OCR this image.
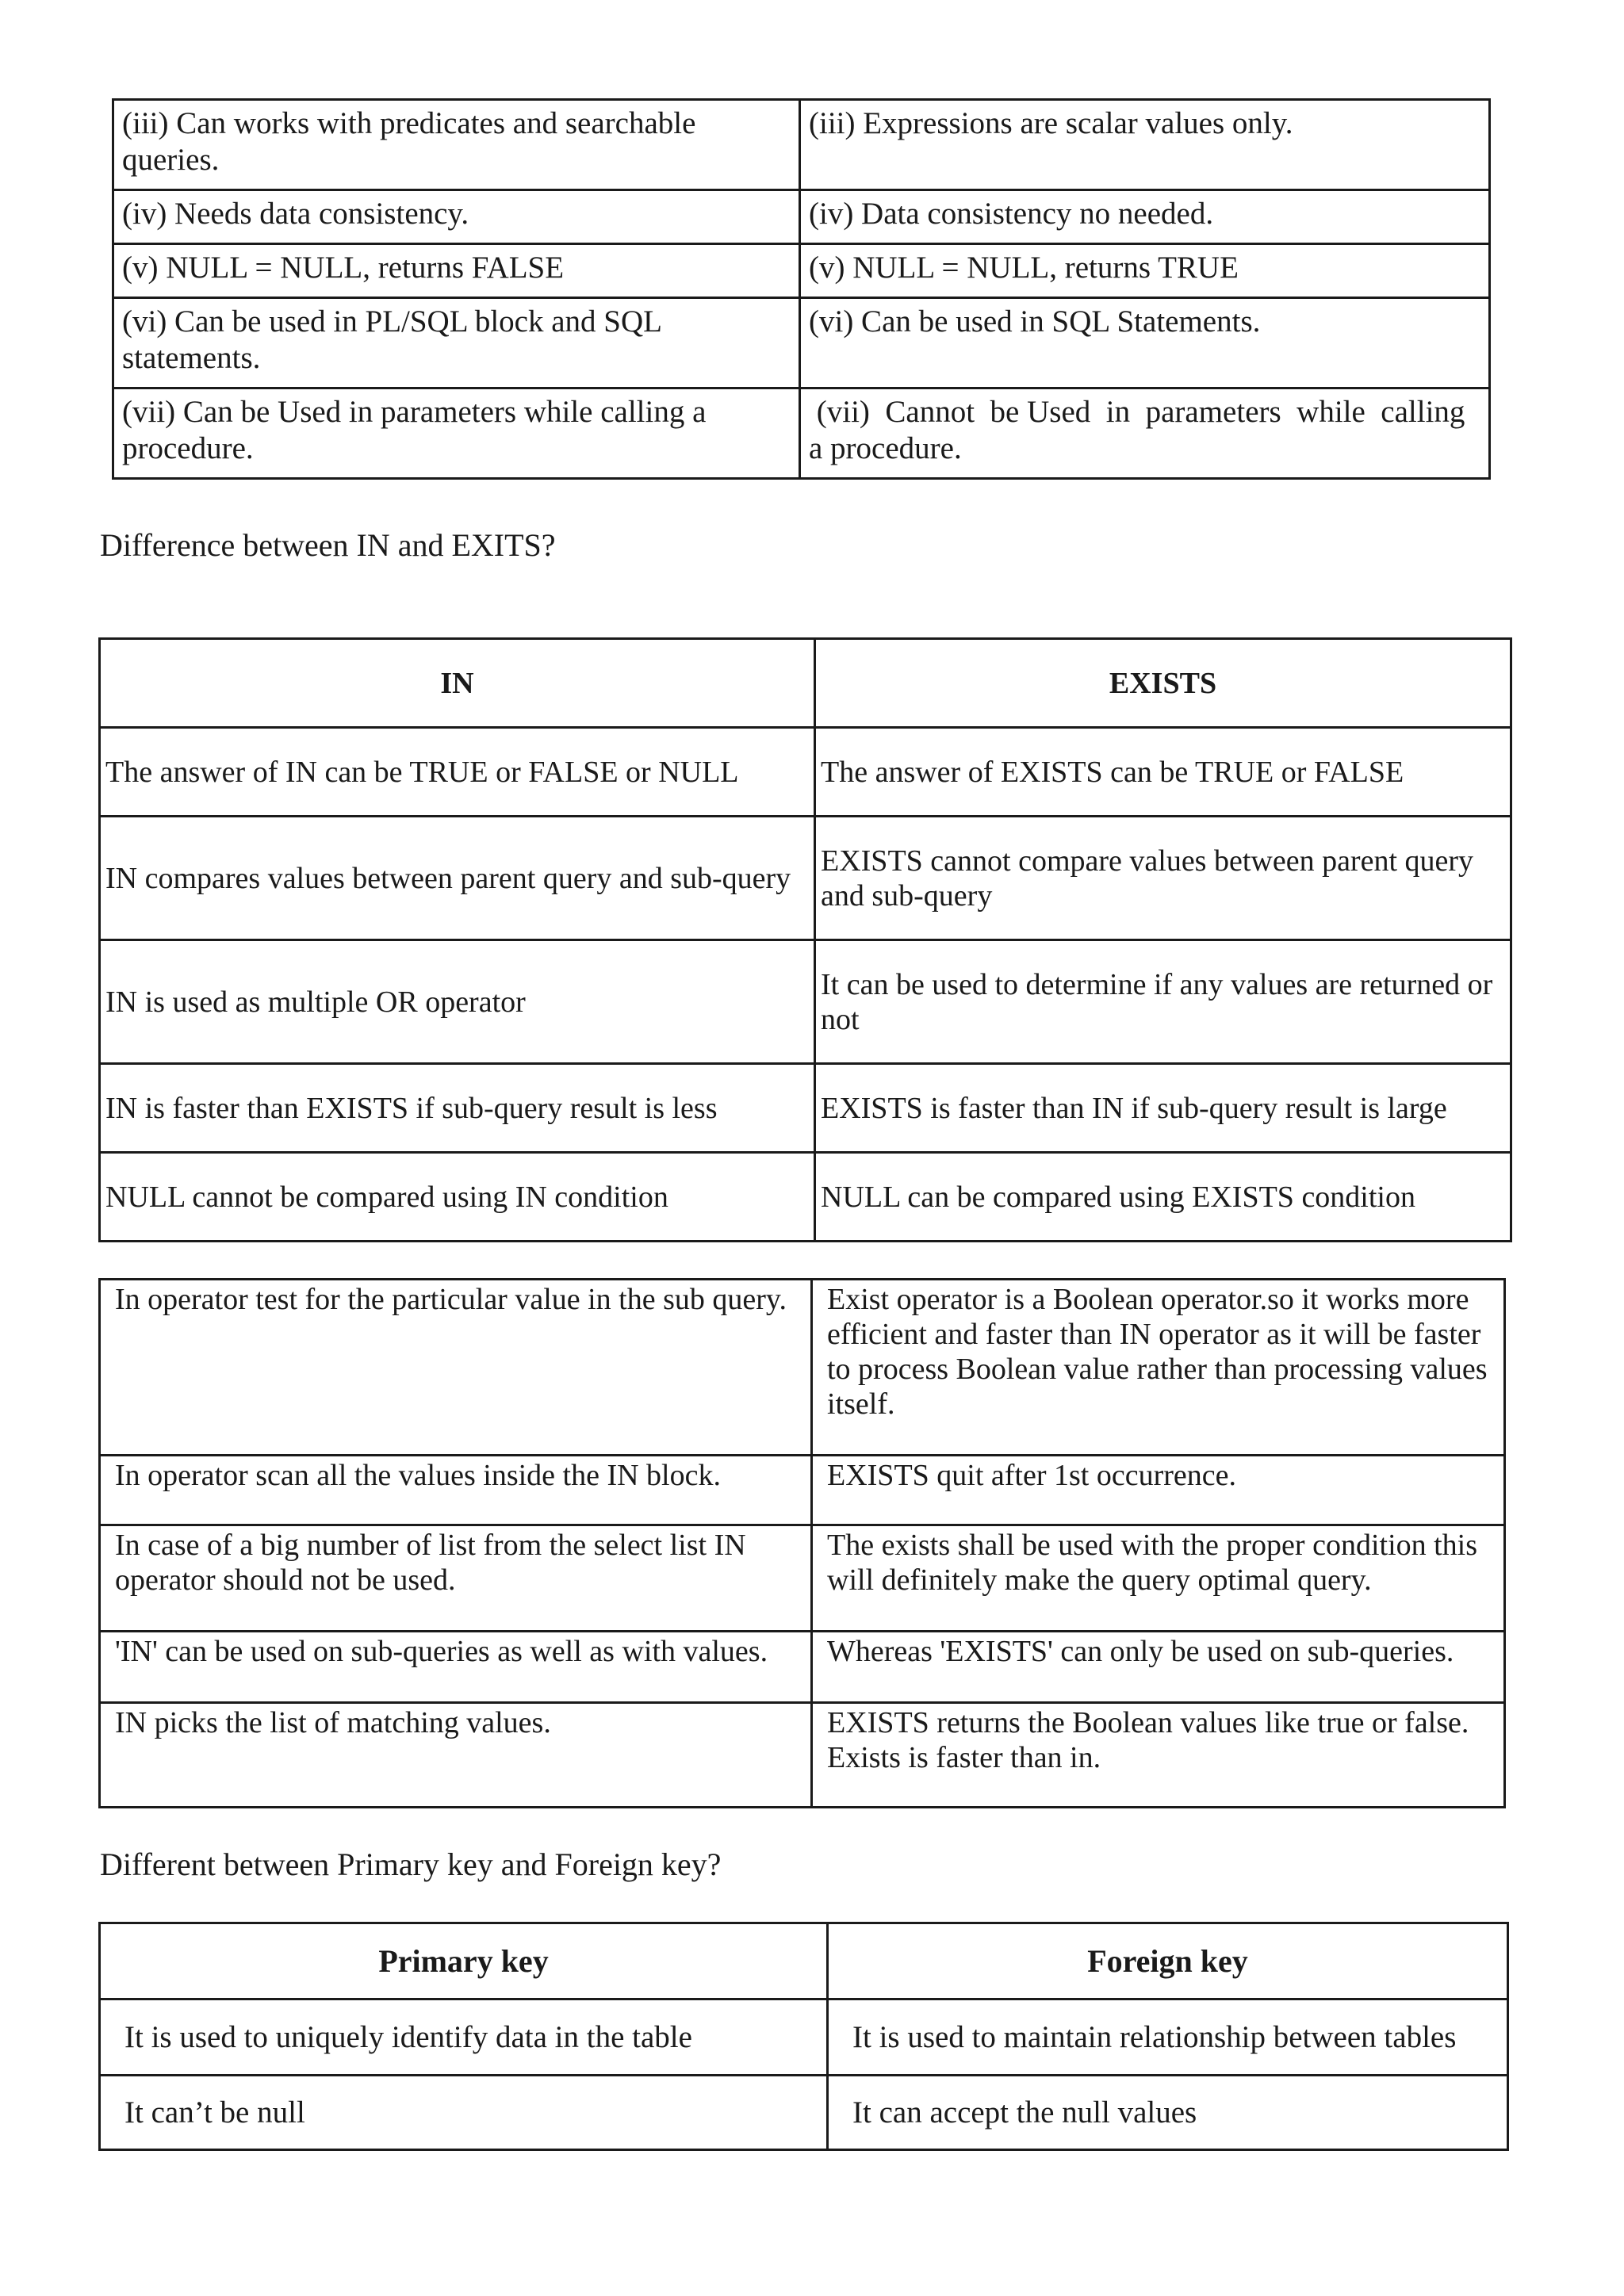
(iii) Can works with predicates and searchable queries.	(iii) Expressions are scalar values only.
(iv) Needs data consistency.	(iv) Data consistency no needed.
(v) NULL = NULL, returns FALSE	(v) NULL = NULL, returns TRUE
(vi) Can be used in PL/SQL block and SQL statements.	(vi) Can be used in SQL Statements.
(vii) Can be Used in parameters while calling a procedure.	(vii)  Cannot  be Used  in  parameters  while  calling a procedure.

Difference between IN and EXITS?

IN	EXISTS
The answer of IN can be TRUE or FALSE or NULL	The answer of EXISTS can be TRUE or FALSE
IN compares values between parent query and sub-query	EXISTS cannot compare values between parent query and sub-query
IN is used as multiple OR operator	It can be used to determine if any values are returned or not
IN is faster than EXISTS if sub-query result is less	EXISTS is faster than IN if sub-query result is large
NULL cannot be compared using IN condition	NULL can be compared using EXISTS condition
In operator test for the particular value in the sub query.	Exist operator is a Boolean operator.so it works more efficient and faster than IN operator as it will be faster to process Boolean value rather than processing values itself.
In operator scan all the values inside the IN block.	EXISTS quit after 1st occurrence.
In case of a big number of list from the select list IN operator should not be used.	The exists shall be used with the proper condition this will definitely make the query optimal query.
'IN' can be used on sub-queries as well as with values.	Whereas 'EXISTS' can only be used on sub-queries.
IN picks the list of matching values.	EXISTS returns the Boolean values like true or false. Exists is faster than in.

Different between Primary key and Foreign key?

Primary key	Foreign key
It is used to uniquely identify data in the table	It is used to maintain relationship between tables
It can’t be null	It can accept the null values
